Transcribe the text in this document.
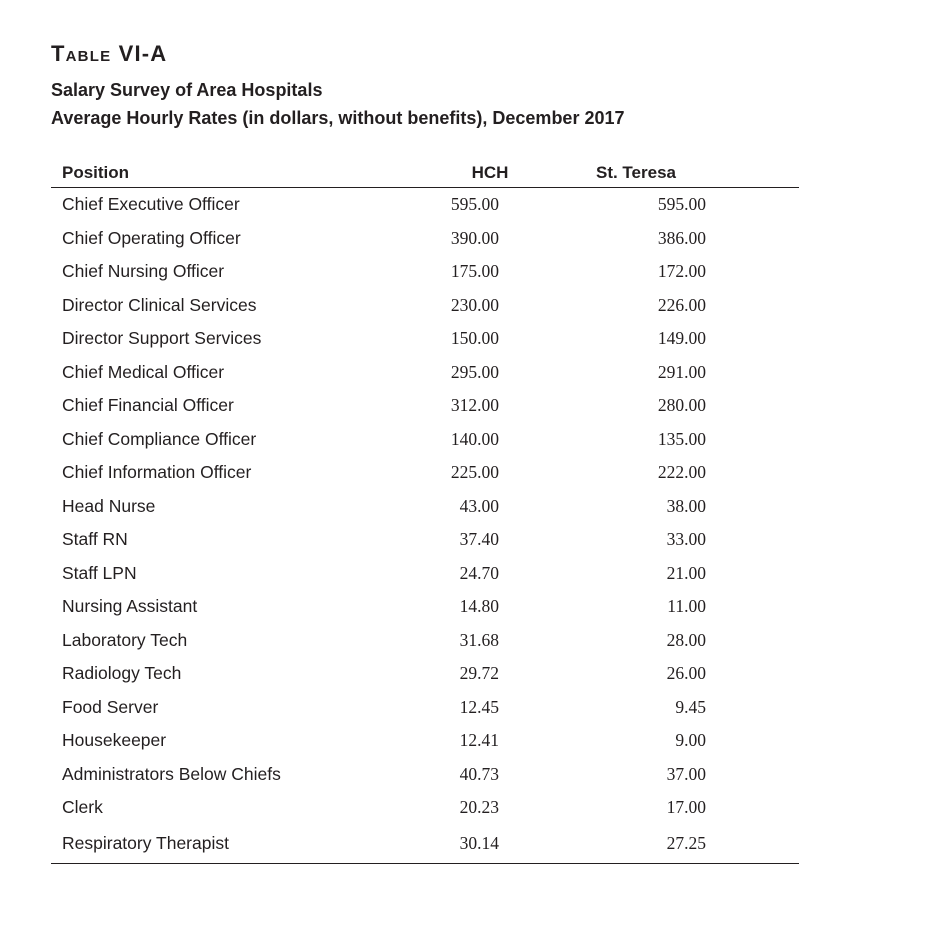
Table VI-A

Salary Survey of Area Hospitals

Average Hourly Rates (in dollars, without benefits), December 2017

Position	HCH	St. Teresa
Chief Executive Officer	595.00	595.00
Chief Operating Officer	390.00	386.00
Chief Nursing Officer	175.00	172.00
Director Clinical Services	230.00	226.00
Director Support Services	150.00	149.00
Chief Medical Officer	295.00	291.00
Chief Financial Officer	312.00	280.00
Chief Compliance Officer	140.00	135.00
Chief Information Officer	225.00	222.00
Head Nurse	43.00	38.00
Staff RN	37.40	33.00
Staff LPN	24.70	21.00
Nursing Assistant	14.80	11.00
Laboratory Tech	31.68	28.00
Radiology Tech	29.72	26.00
Food Server	12.45	9.45
Housekeeper	12.41	9.00
Administrators Below Chiefs	40.73	37.00
Clerk	20.23	17.00
Respiratory Therapist	30.14	27.25
